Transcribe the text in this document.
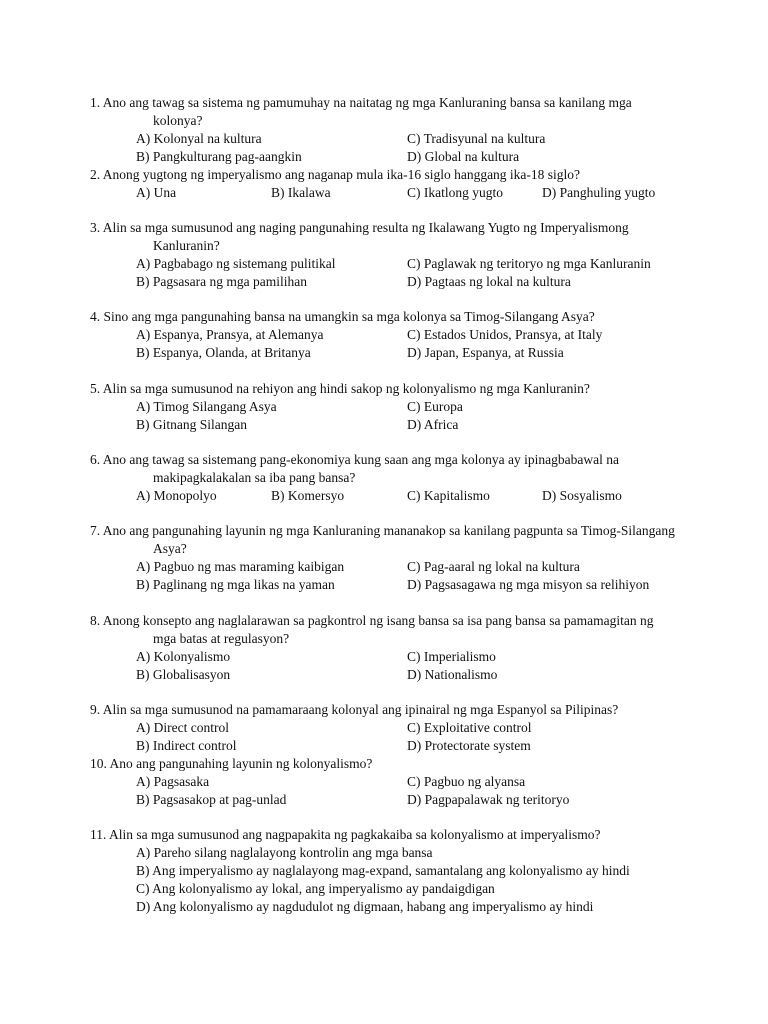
1. Ano ang tawag sa sistema ng pamumuhay na naitatag ng mga Kanluraning bansa sa kanilang mga kolonya?
A) Kolonyal na kultura	C) Tradisyunal na kultura
B) Pangkulturang pag-aangkin	D) Global na kultura
2. Anong yugtong ng imperyalismo ang naganap mula ika-16 siglo hanggang ika-18 siglo?
A) Una	B) Ikalawa	C) Ikatlong yugto	D) Panghuling yugto
3. Alin sa mga sumusunod ang naging pangunahing resulta ng Ikalawang Yugto ng Imperyalismong Kanluranin?
A) Pagbabago ng sistemang pulitikal	C) Paglawak ng teritoryo ng mga Kanluranin
B) Pagsasara ng mga pamilihan	D) Pagtaas ng lokal na kultura
4. Sino ang mga pangunahing bansa na umangkin sa mga kolonya sa Timog-Silangang Asya?
A) Espanya, Pransya, at Alemanya	C) Estados Unidos, Pransya, at Italy
B) Espanya, Olanda, at Britanya	D) Japan, Espanya, at Russia
5. Alin sa mga sumusunod na rehiyon ang hindi sakop ng kolonyalismo ng mga Kanluranin?
A) Timog Silangang Asya	C) Europa
B) Gitnang Silangan	D) Africa
6. Ano ang tawag sa sistemang pang-ekonomiya kung saan ang mga kolonya ay ipinagbabawal na makipagkalakalan sa iba pang bansa?
A) Monopolyo	B) Komersyo	C) Kapitalismo	D) Sosyalismo
7. Ano ang pangunahing layunin ng mga Kanluraning mananakop sa kanilang pagpunta sa Timog-Silangang Asya?
A) Pagbuo ng mas maraming kaibigan	C) Pag-aaral ng lokal na kultura
B) Paglinang ng mga likas na yaman	D) Pagsasagawa ng mga misyon sa relihiyon
8. Anong konsepto ang naglalarawan sa pagkontrol ng isang bansa sa isa pang bansa sa pamamagitan ng mga batas at regulasyon?
A) Kolonyalismo	C) Imperialismo
B) Globalisasyon	D) Nationalismo
9. Alin sa mga sumusunod na pamamaraang kolonyal ang ipinairal ng mga Espanyol sa Pilipinas?
A) Direct control	C) Exploitative control
B) Indirect control	D) Protectorate system
10. Ano ang pangunahing layunin ng kolonyalismo?
A) Pagsasaka	C) Pagbuo ng alyansa
B) Pagsasakop at pag-unlad	D) Pagpapalawak ng teritoryo
11. Alin sa mga sumusunod ang nagpapakita ng pagkakaiba sa kolonyalismo at imperyalismo?
A) Pareho silang naglalayong kontrolin ang mga bansa
B) Ang imperyalismo ay naglalayong mag-expand, samantalang ang kolonyalismo ay hindi
C) Ang kolonyalismo ay lokal, ang imperyalismo ay pandaigdigan
D) Ang kolonyalismo ay nagdudulot ng digmaan, habang ang imperyalismo ay hindi
